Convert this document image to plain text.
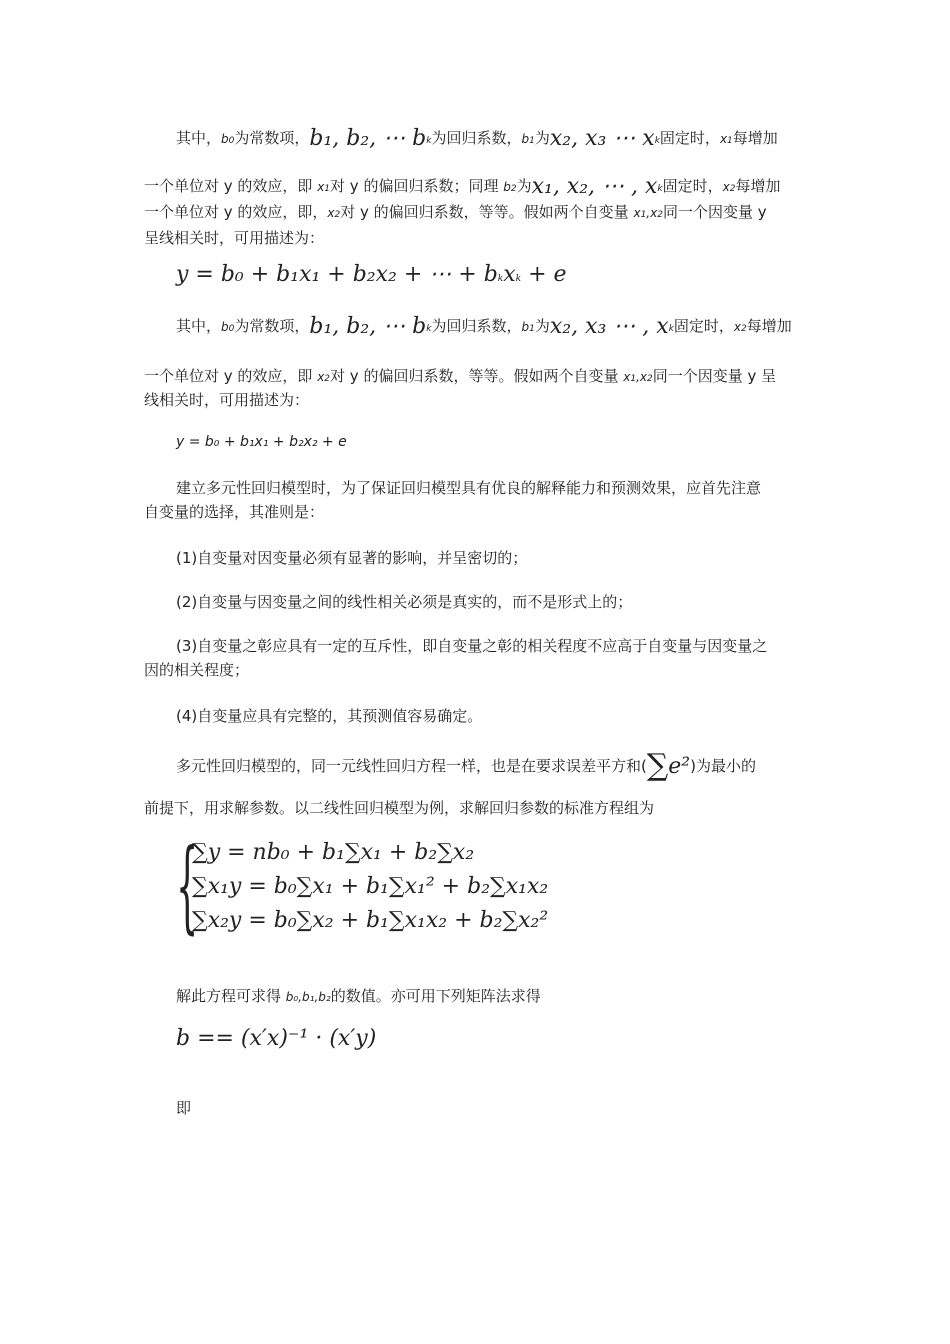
其中，b0为常数项，b₁, b₂, ⋯ bk为回归系数，b1为x₂, x₃ ⋯ xk固定时，x1每增加
一个单位对 y 的效应，即 x1对 y 的偏回归系数；同理 b2为x₁, x₂, ⋯ , xk固定时，x2每增加
一个单位对 y 的效应，即，x2对 y 的偏回归系数，等等。假如两个自变量 x1,x2同一个因变量 y
呈线相关时，可用描述为：
y = b₀ + b₁x₁ + b₂x₂ + ⋯ + bkxk + e
其中，b0为常数项，b₁, b₂, ⋯ bk为回归系数，b1为x₂, x₃ ⋯ , xk固定时，x2每增加
一个单位对 y 的效应，即 x2对 y 的偏回归系数，等等。假如两个自变量 x1,x2同一个因变量 y 呈
线相关时，可用描述为：
y = b₀ + b₁x₁ + b₂x₂ + e
建立多元性回归模型时，为了保证回归模型具有优良的解释能力和预测效果，应首先注意
自变量的选择，其准则是：
(1)自变量对因变量必须有显著的影响，并呈密切的；
(2)自变量与因变量之间的线性相关必须是真实的，而不是形式上的；
(3)自变量之彰应具有一定的互斥性，即自变量之彰的相关程度不应高于自变量与因变量之
因的相关程度；
(4)自变量应具有完整的，其预测值容易确定。
多元性回归模型的，同一元线性回归方程一样，也是在要求误差平方和(∑e²)为最小的
前提下，用求解参数。以二线性回归模型为例，求解回归参数的标准方程组为
{
∑y = nb₀ + b₁∑x₁ + b₂∑x₂
∑x₁y = b₀∑x₁ + b₁∑x₁² + b₂∑x₁x₂
∑x₂y = b₀∑x₂ + b₁∑x₁x₂ + b₂∑x₂²
解此方程可求得 b₀,b₁,b₂的数值。亦可用下列矩阵法求得
b == (x′x)⁻¹ · (x′y)
即
